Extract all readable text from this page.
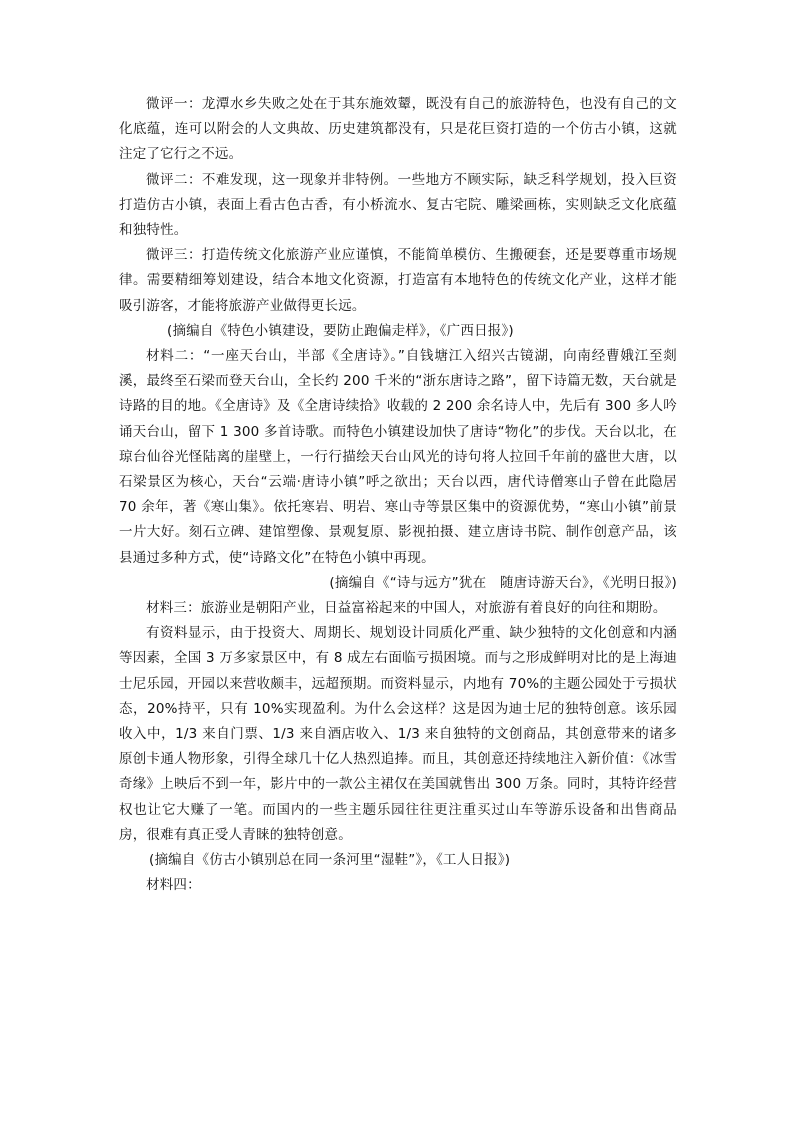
微评一：龙潭水乡失败之处在于其东施效颦，既没有自己的旅游特色，也没有自己的文化底蕴，连可以附会的人文典故、历史建筑都没有，只是花巨资打造的一个仿古小镇，这就注定了它行之不远。

微评二：不难发现，这一现象并非特例。一些地方不顾实际，缺乏科学规划，投入巨资打造仿古小镇，表面上看古色古香，有小桥流水、复古宅院、雕梁画栋，实则缺乏文化底蕴和独特性。

微评三：打造传统文化旅游产业应谨慎，不能简单模仿、生搬硬套，还是要尊重市场规律。需要精细筹划建设，结合本地文化资源，打造富有本地特色的传统文化产业，这样才能吸引游客，才能将旅游产业做得更长远。

(摘编自《特色小镇建设，要防止跑偏走样》，《广西日报》)

材料二：“一座天台山，半部《全唐诗》。”自钱塘江入绍兴古镜湖，向南经曹娥江至剡溪，最终至石梁而登天台山，全长约 200 千米的“浙东唐诗之路”，留下诗篇无数，天台就是诗路的目的地。《全唐诗》及《全唐诗续拾》收载的 2 200 余名诗人中，先后有 300 多人吟诵天台山，留下 1 300 多首诗歌。而特色小镇建设加快了唐诗“物化”的步伐。天台以北，在琼台仙谷光怪陆离的崖壁上，一行行描绘天台山风光的诗句将人拉回千年前的盛世大唐，以石梁景区为核心，天台“云端·唐诗小镇”呼之欲出；天台以西，唐代诗僧寒山子曾在此隐居 70 余年，著《寒山集》。依托寒岩、明岩、寒山寺等景区集中的资源优势，“寒山小镇”前景一片大好。刻石立碑、建馆塑像、景观复原、影视拍摄、建立唐诗书院、制作创意产品，该县通过多种方式，使“诗路文化”在特色小镇中再现。

(摘编自《“诗与远方”犹在　随唐诗游天台》，《光明日报》)

材料三：旅游业是朝阳产业，日益富裕起来的中国人，对旅游有着良好的向往和期盼。

有资料显示，由于投资大、周期长、规划设计同质化严重、缺少独特的文化创意和内涵等因素，全国 3 万多家景区中，有 8 成左右面临亏损困境。而与之形成鲜明对比的是上海迪士尼乐园，开园以来营收颇丰，远超预期。而资料显示，内地有 70%的主题公园处于亏损状态，20%持平，只有 10%实现盈利。为什么会这样？这是因为迪士尼的独特创意。该乐园收入中，1/3 来自门票、1/3 来自酒店收入、1/3 来自独特的文创商品，其创意带来的诸多原创卡通人物形象，引得全球几十亿人热烈追捧。而且，其创意还持续地注入新价值：《冰雪奇缘》上映后不到一年，影片中的一款公主裙仅在美国就售出 300 万条。同时，其特许经营权也让它大赚了一笔。而国内的一些主题乐园往往更注重买过山车等游乐设备和出售商品房，很难有真正受人青睐的独特创意。

(摘编自《仿古小镇别总在同一条河里“湿鞋”》，《工人日报》)

材料四：
